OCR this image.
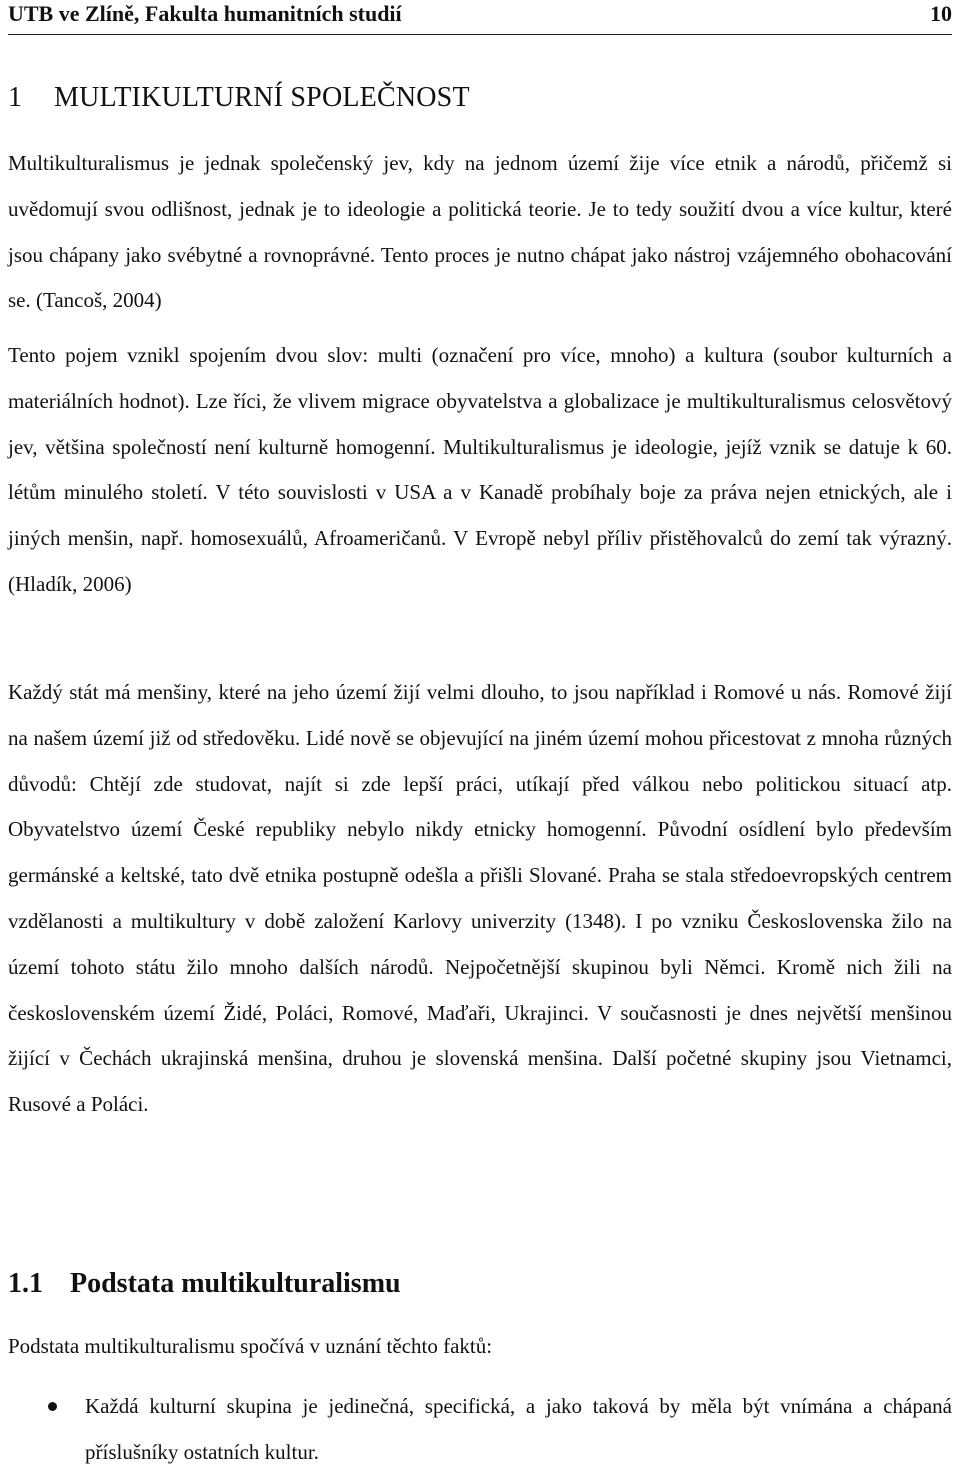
UTB ve Zlíně, Fakulta humanitních studií	10
1 MULTIKULTURNÍ SPOLEČNOST

Multikulturalismus je jednak společenský jev, kdy na jednom území žije více etnik a národů, přičemž si uvědomují svou odlišnost, jednak je to ideologie a politická teorie. Je to tedy soužití dvou a více kultur, které jsou chápany jako svébytné a rovnoprávné. Tento proces je nutno chápat jako nástroj vzájemného obohacování se. (Tancoš, 2004)

Tento pojem vznikl spojením dvou slov: multi (označení pro více, mnoho) a kultura (soubor kulturních a materiálních hodnot). Lze říci, že vlivem migrace obyvatelstva a globalizace je multikulturalismus celosvětový jev, většina společností není kulturně homogenní. Multikulturalismus je ideologie, jejíž vznik se datuje k 60. létům minulého století. V této souvislosti v USA a v Kanadě probíhaly boje za práva nejen etnických, ale i jiných menšin, např. homosexuálů, Afroameričanů. V Evropě nebyl příliv přistěhovalců do zemí tak výrazný. (Hladík, 2006)

Každý stát má menšiny, které na jeho území žijí velmi dlouho, to jsou například i Romové u nás. Romové žijí na našem území již od středověku. Lidé nově se objevující na jiném území mohou přicestovat z mnoha různých důvodů: Chtějí zde studovat, najít si zde lepší práci, utíkají před válkou nebo politickou situací atp. Obyvatelstvo území České republiky nebylo nikdy etnicky homogenní. Původní osídlení bylo především germánské a keltské, tato dvě etnika postupně odešla a přišli Slované. Praha se stala středoevropských centrem vzdělanosti a multikultury v době založení Karlovy univerzity (1348). I po vzniku Československa žilo na území tohoto státu žilo mnoho dalších národů. Nejpočetnější skupinou byli Němci. Kromě nich žili na československém území Židé, Poláci, Romové, Maďaři, Ukrajinci. V současnosti je dnes největší menšinou žijící v Čechách ukrajinská menšina, druhou je slovenská menšina. Další početné skupiny jsou Vietnamci, Rusové a Poláci.

1.1 Podstata multikulturalismu

Podstata multikulturalismu spočívá v uznání těchto faktů:

Každá kulturní skupina je jedinečná, specifická, a jako taková by měla být vnímána a chápaná příslušníky ostatních kultur.
